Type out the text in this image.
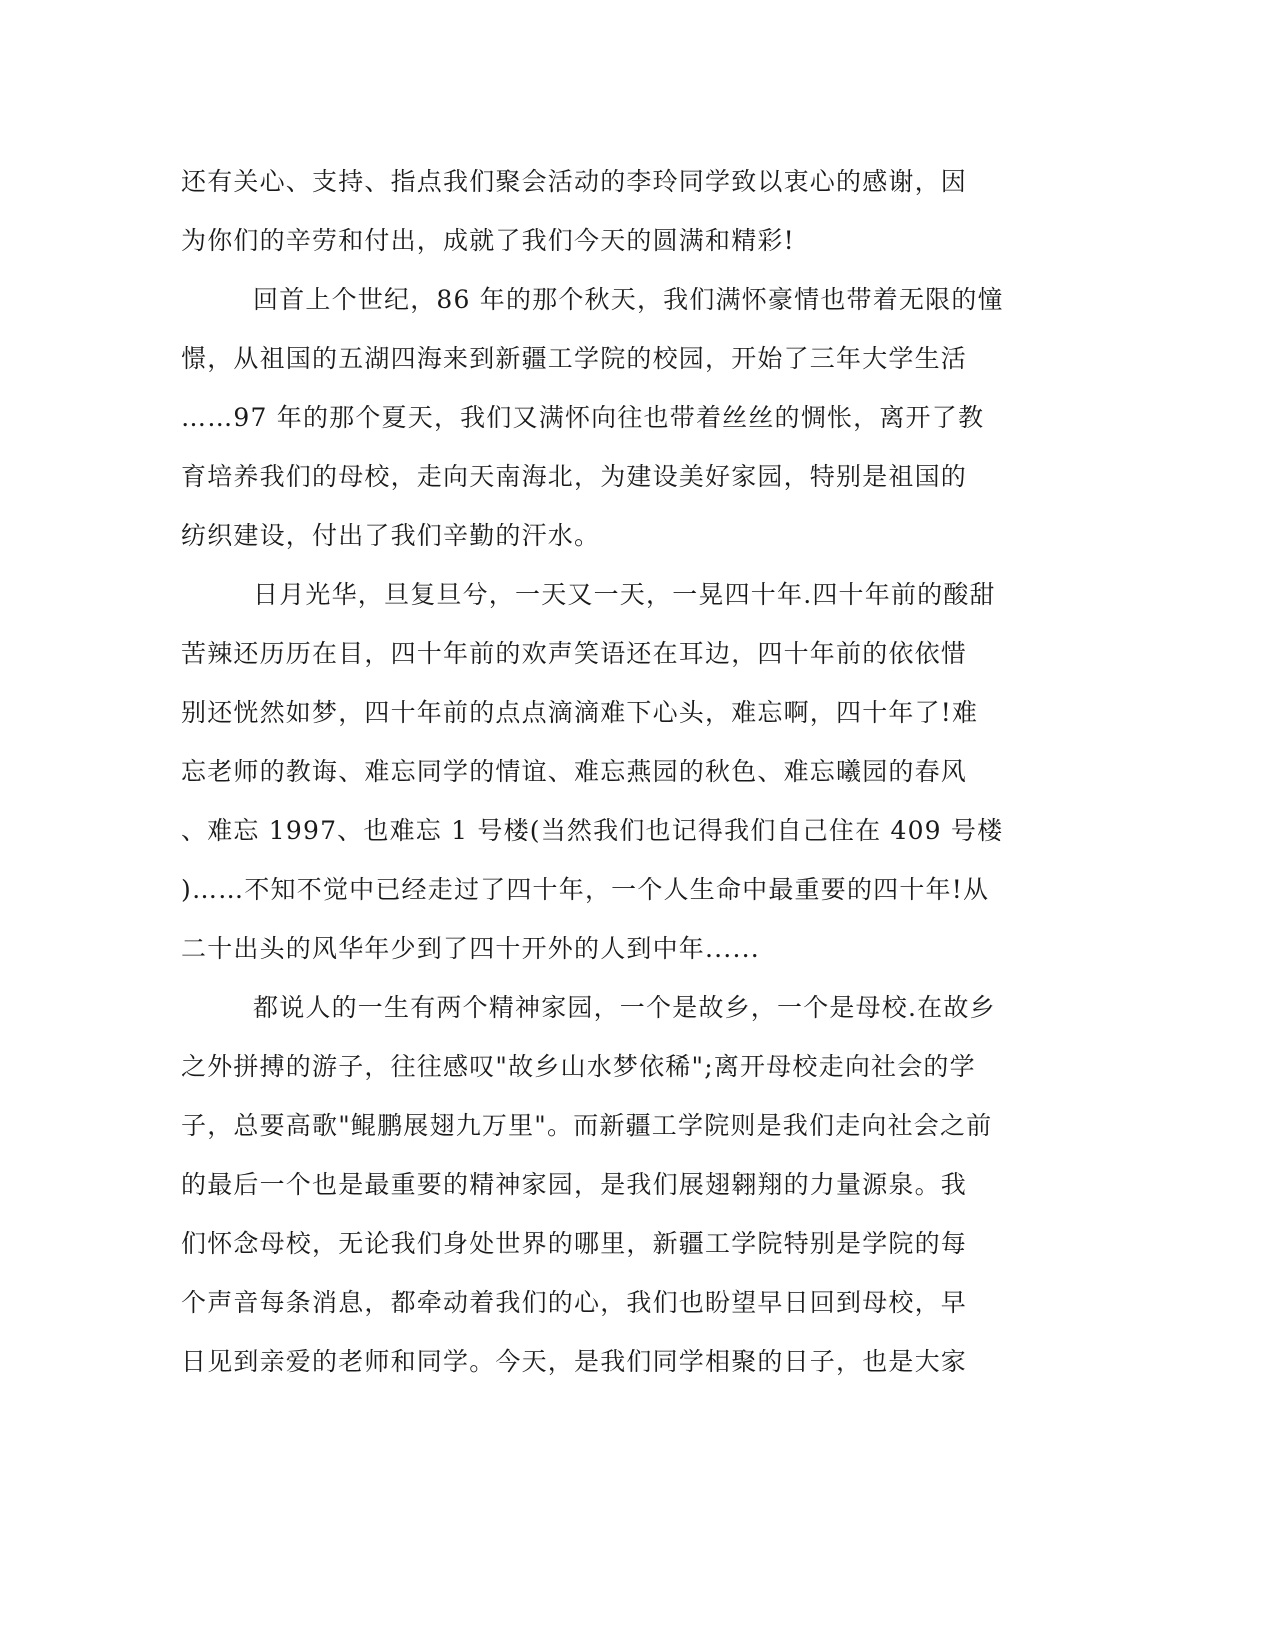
还有关心、支持、指点我们聚会活动的李玲同学致以衷心的感谢，因
为你们的辛劳和付出，成就了我们今天的圆满和精彩!
回首上个世纪，86 年的那个秋天，我们满怀豪情也带着无限的憧
憬，从祖国的五湖四海来到新疆工学院的校园，开始了三年大学生活
……97 年的那个夏天，我们又满怀向往也带着丝丝的惆怅，离开了教
育培养我们的母校，走向天南海北，为建设美好家园，特别是祖国的
纺织建设，付出了我们辛勤的汗水。
日月光华，旦复旦兮，一天又一天，一晃四十年.四十年前的酸甜
苦辣还历历在目，四十年前的欢声笑语还在耳边，四十年前的依依惜
别还恍然如梦，四十年前的点点滴滴难下心头，难忘啊，四十年了!难
忘老师的教诲、难忘同学的情谊、难忘燕园的秋色、难忘曦园的春风
、难忘 1997、也难忘 1 号楼(当然我们也记得我们自己住在 409 号楼
)……不知不觉中已经走过了四十年，一个人生命中最重要的四十年!从
二十出头的风华年少到了四十开外的人到中年......
都说人的一生有两个精神家园，一个是故乡，一个是母校.在故乡
之外拼搏的游子，往往感叹"故乡山水梦依稀";离开母校走向社会的学
子，总要高歌"鲲鹏展翅九万里"。而新疆工学院则是我们走向社会之前
的最后一个也是最重要的精神家园，是我们展翅翱翔的力量源泉。我
们怀念母校，无论我们身处世界的哪里，新疆工学院特别是学院的每
个声音每条消息，都牵动着我们的心，我们也盼望早日回到母校，早
日见到亲爱的老师和同学。今天，是我们同学相聚的日子，也是大家
